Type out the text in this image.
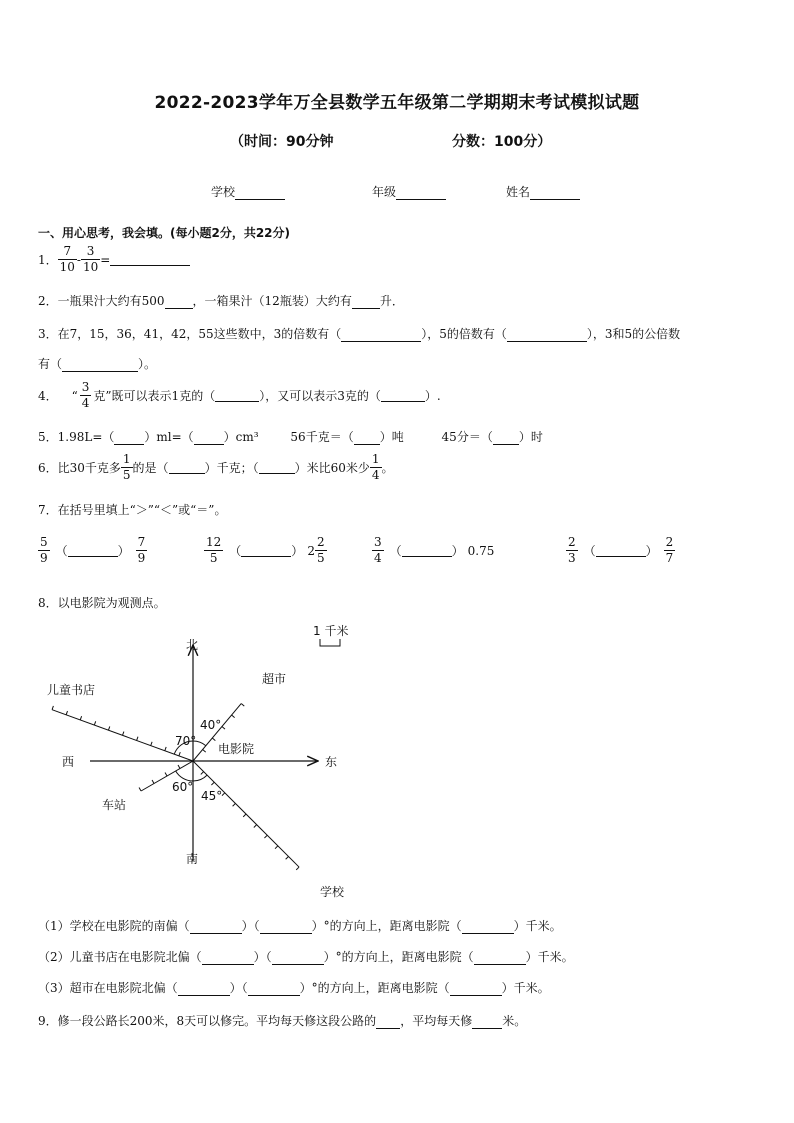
2022-2023学年万全县数学五年级第二学期期末考试模拟试题
（时间：90分钟	分数：100分）
学校	年级	姓名
一、用心思考，我会填。(每小题2分，共22分)
1． $\frac{7}{10} - \frac{3}{10}$ =
2．一瓶果汁大约有500 ，一箱果汁（12瓶装）大约有 升．
3．在7，15，36，41，42，55这些数中，3的倍数有（	），5的倍数有（	），3和5的公倍数
有（	）。
4． “ $\frac{3}{4}$ 克”既可以表示1克的（	），又可以表示3克的（	）.
5．1.98L=（	）ml=（	）cm³	56千克＝（ ）吨	45分＝（ ）时
6．比30千克多 $\frac{1}{5}$ 的是（	）千克；（	）米比60米少 $\frac{1}{4}$ 。
7．在括号里填上“＞”“＜”或“＝”。
$\frac{5}{9}$ （	） $\frac{7}{9}$	$\frac{12}{5}$ （	） $2 \frac{2}{5}$	$\frac{3}{4}$ （	） 0.75	$\frac{2}{3}$ （	） $\frac{2}{7}$
8．以电影院为观测点。
1 千米
北
南
东
西
电影院
70°
40°
60°
45°
儿童书店
超市
车站
学校
（1）学校在电影院的南偏（	）（	）°的方向上，距离电影院（	）千米。
（2）儿童书店在电影院北偏（	）（	）°的方向上，距离电影院（	）千米。
（3）超市在电影院北偏（	）（	）°的方向上，距离电影院（	）千米。
9．修一段公路长200米，8天可以修完。平均每天修这段公路的 ，平均每天修	米。
